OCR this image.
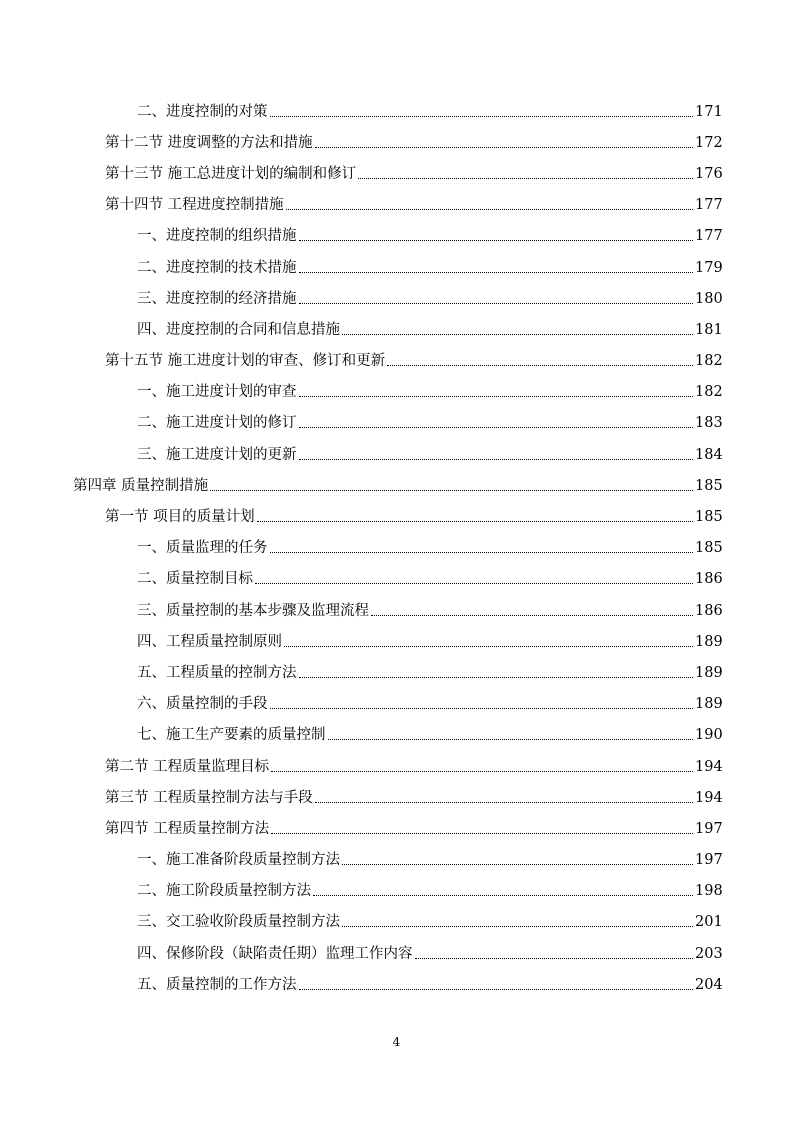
二、进度控制的对策	171
第十二节 进度调整的方法和措施	172
第十三节 施工总进度计划的编制和修订	176
第十四节 工程进度控制措施	177
一、进度控制的组织措施	177
二、进度控制的技术措施	179
三、进度控制的经济措施	180
四、进度控制的合同和信息措施	181
第十五节 施工进度计划的审查、修订和更新	182
一、施工进度计划的审查	182
二、施工进度计划的修订	183
三、施工进度计划的更新	184
第四章 质量控制措施	185
第一节 项目的质量计划	185
一、质量监理的任务	185
二、质量控制目标	186
三、质量控制的基本步骤及监理流程	186
四、工程质量控制原则	189
五、工程质量的控制方法	189
六、质量控制的手段	189
七、施工生产要素的质量控制	190
第二节 工程质量监理目标	194
第三节 工程质量控制方法与手段	194
第四节 工程质量控制方法	197
一、施工准备阶段质量控制方法	197
二、施工阶段质量控制方法	198
三、交工验收阶段质量控制方法	201
四、保修阶段（缺陷责任期）监理工作内容	203
五、质量控制的工作方法	204
4
